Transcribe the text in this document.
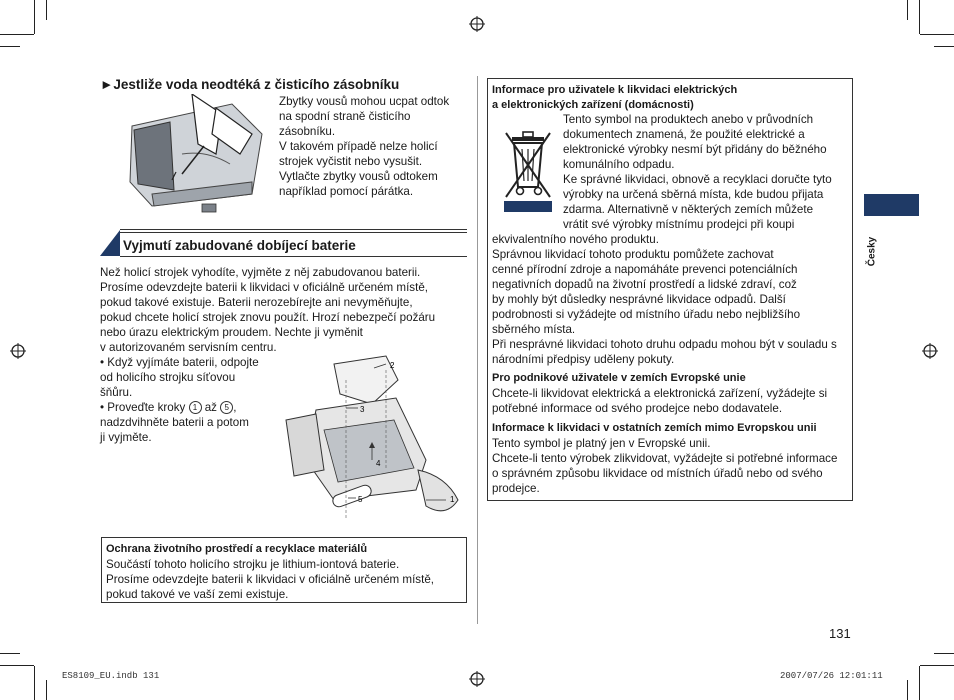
►Jestliže voda neodtéká z čisticího zásobníku
Zbytky vousů mohou ucpat odtok
na spodní straně čisticího
zásobníku.
V takovém případě nelze holicí
strojek vyčistit nebo vysušit.
Vytlačte zbytky vousů odtokem
například pomocí párátka.
Vyjmutí zabudované dobíjecí baterie
Než holicí strojek vyhodíte, vyjměte z něj zabudovanou baterii.
Prosíme odevzdejte baterii k likvidaci v oficiálně určeném místě,
pokud takové existuje. Baterii nerozebírejte ani nevyměňujte,
pokud chcete holicí strojek znovu použít. Hrozí nebezpečí požáru
nebo úrazu elektrickým proudem. Nechte ji vyměnit
v autorizovaném servisním centru.
• Když vyjímáte baterii, odpojte
od holicího strojku síťovou
šňůru.
• Proveďte kroky 1 až 5 ,
nadzdvihněte baterii a potom
ji vyjměte.
2
3
4
5	1
Ochrana životního prostředí a recyklace materiálů
Součástí tohoto holicího strojku je lithium-iontová baterie.
Prosíme odevzdejte baterii k likvidaci v oficiálně určeném místě,
pokud takové ve vaší zemi existuje.
Informace pro uživatele k likvidaci elektrických
a elektronických zařízení (domácnosti)
Tento symbol na produktech anebo v průvodních
dokumentech znamená, že použité elektrické a
elektronické výrobky nesmí být přidány do běžného
komunálního odpadu.
Ke správné likvidaci, obnově a recyklaci doručte tyto
výrobky na určená sběrná místa, kde budou přijata
zdarma. Alternativně v některých zemích můžete
vrátit své výrobky místnímu prodejci při koupi
ekvivalentního nového produktu.
Správnou likvidací tohoto produktu pomůžete zachovat
cenné přírodní zdroje a napomáháte prevenci potenciálních
negativních dopadů na životní prostředí a lidské zdraví, což
by mohly být důsledky nesprávné likvidace odpadů. Další
podrobnosti si vyžádejte od místního úřadu nebo nejbližšího
sběrného místa.
Při nesprávné likvidaci tohoto druhu odpadu mohou být v souladu s
národními předpisy uděleny pokuty.
Pro podnikové uživatele v zemích Evropské unie
Chcete-li likvidovat elektrická a elektronická zařízení, vyžádejte si
potřebné informace od svého prodejce nebo dodavatele.
Informace k likvidaci v ostatních zemích mimo Evropskou unii
Tento symbol je platný jen v Evropské unii.
Chcete-li tento výrobek zlikvidovat, vyžádejte si potřebné informace
o správném způsobu likvidace od místních úřadů nebo od svého
prodejce.
Česky
131
ES8109_EU.indb 131	2007/07/26 12:01:11
